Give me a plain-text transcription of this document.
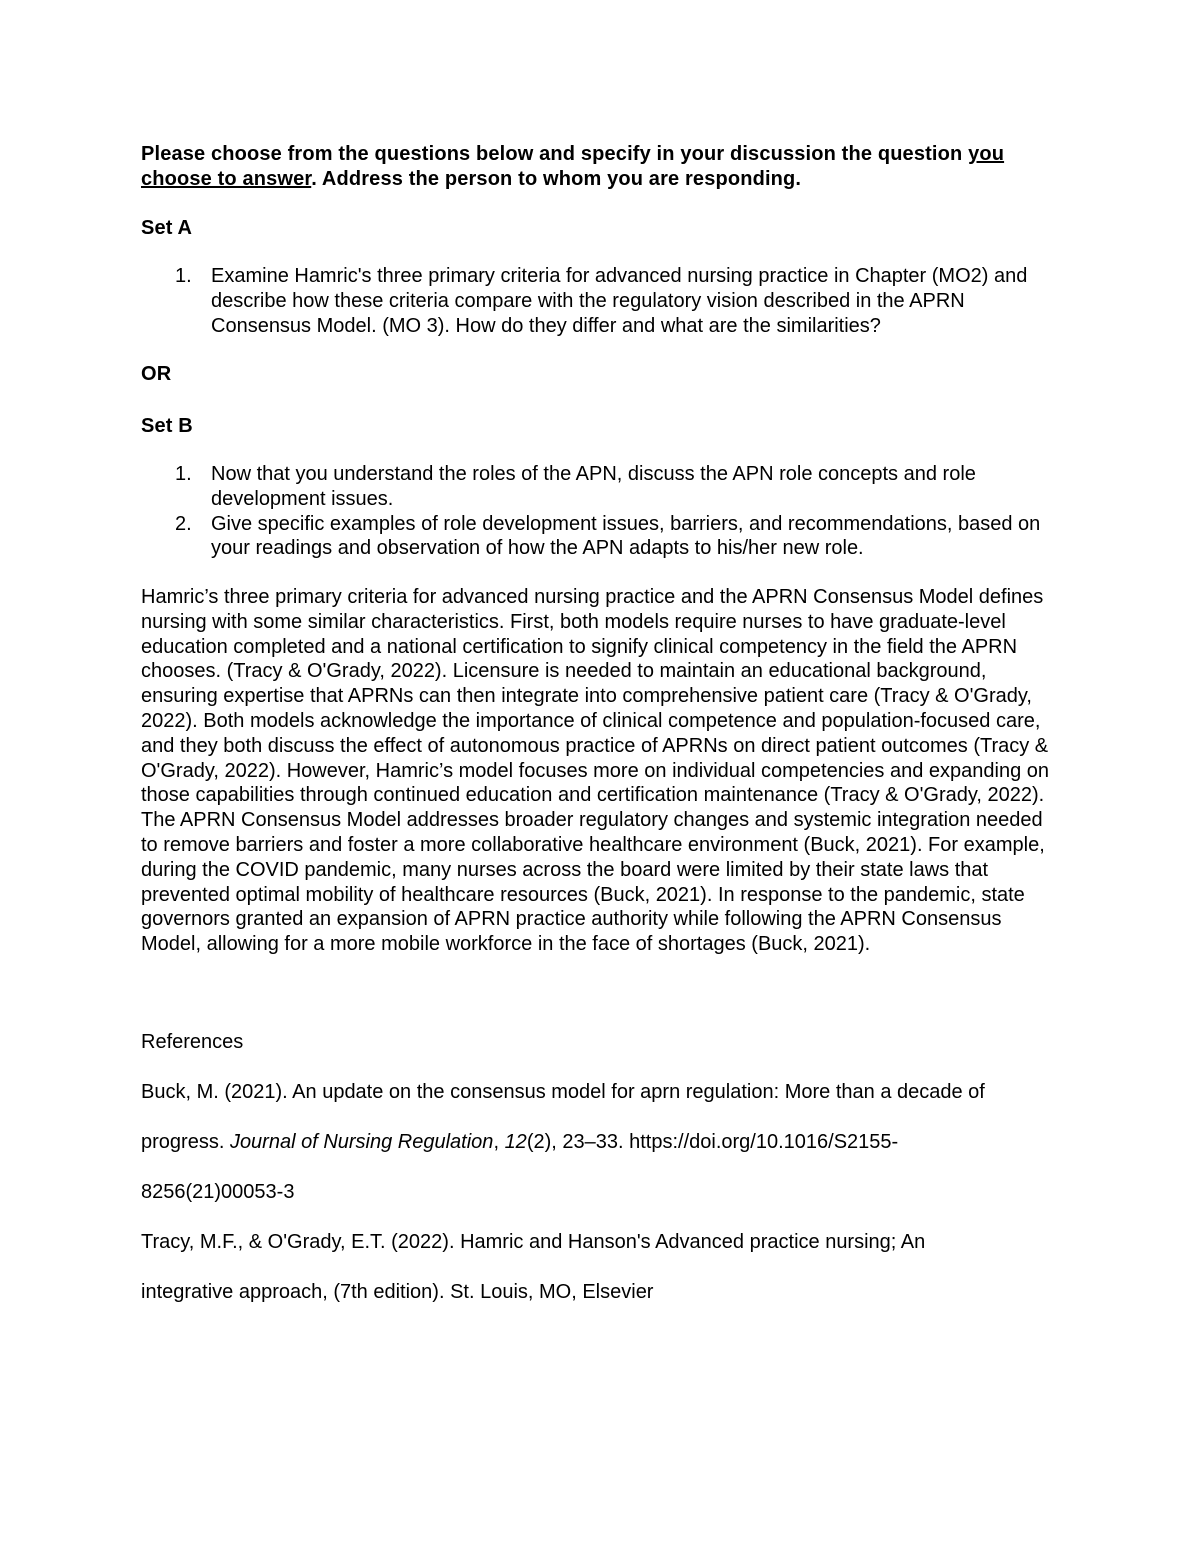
Please choose from the questions below and specify in your discussion the question you choose to answer. Address the person to whom you are responding.
Set A
1. Examine Hamric's three primary criteria for advanced nursing practice in Chapter (MO2) and describe how these criteria compare with the regulatory vision described in the APRN Consensus Model. (MO 3). How do they differ and what are the similarities?
OR
Set B
1. Now that you understand the roles of the APN, discuss the APN role concepts and role development issues.
2. Give specific examples of role development issues, barriers, and recommendations, based on your readings and observation of how the APN adapts to his/her new role.
Hamric’s three primary criteria for advanced nursing practice and the APRN Consensus Model defines nursing with some similar characteristics. First, both models require nurses to have graduate-level education completed and a national certification to signify clinical competency in the field the APRN chooses. (Tracy & O'Grady, 2022). Licensure is needed to maintain an educational background, ensuring expertise that APRNs can then integrate into comprehensive patient care (Tracy & O'Grady, 2022). Both models acknowledge the importance of clinical competence and population-focused care, and they both discuss the effect of autonomous practice of APRNs on direct patient outcomes (Tracy & O'Grady, 2022). However, Hamric’s model focuses more on individual competencies and expanding on those capabilities through continued education and certification maintenance (Tracy & O'Grady, 2022). The APRN Consensus Model addresses broader regulatory changes and systemic integration needed to remove barriers and foster a more collaborative healthcare environment (Buck, 2021). For example, during the COVID pandemic, many nurses across the board were limited by their state laws that prevented optimal mobility of healthcare resources (Buck, 2021). In response to the pandemic, state governors granted an expansion of APRN practice authority while following the APRN Consensus Model, allowing for a more mobile workforce in the face of shortages (Buck, 2021).

References

Buck, M. (2021). An update on the consensus model for aprn regulation: More than a decade of

progress. Journal of Nursing Regulation, 12(2), 23–33. https://doi.org/10.1016/S2155-

8256(21)00053-3

Tracy, M.F., & O'Grady, E.T. (2022). Hamric and Hanson's Advanced practice nursing; An

integrative approach, (7th edition). St. Louis, MO, Elsevier
